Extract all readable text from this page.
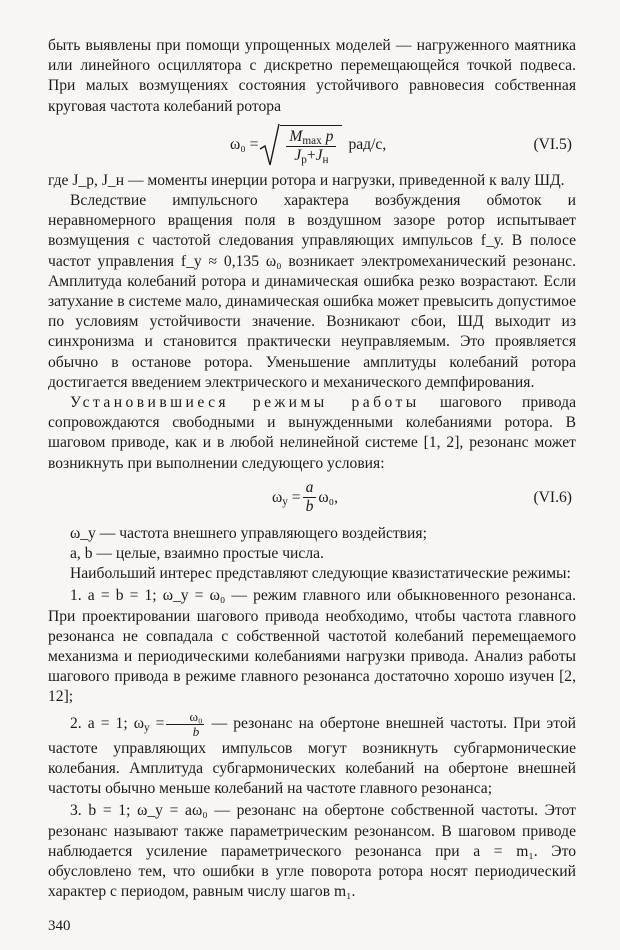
быть выявлены при помощи упрощенных моделей — нагруженного маятника или линейного осциллятора с дискретно перемещающейся точкой подвеса. При малых возмущениях состояния устойчивого равновесия собственная круговая частота колебаний ротора

$\omega_0 = \frac{M_{max} p}{J_р+J_н} рад/с$,	(VI.5)

где J_р, J_н — моменты инерции ротора и нагрузки, приведенной к валу ШД.

Вследствие импульсного характера возбуждения обмоток и неравномерного вращения поля в воздушном зазоре ротор испытывает возмущения с частотой следования управляющих импульсов f_у. В полосе частот управления f_у ≈ 0,135 ω₀ возникает электромеханический резонанс. Амплитуда колебаний ротора и динамическая ошибка резко возрастают. Если затухание в системе мало, динамическая ошибка может превысить допустимое по условиям устойчивости значение. Возникают сбои, ШД выходит из синхронизма и становится практически неуправляемым. Это проявляется обычно в останове ротора. Уменьшение амплитуды колебаний ротора достигается введением электрического и механического демпфирования.

Установившиеся режимы работы шагового привода сопровождаются свободными и вынужденными колебаниями ротора. В шаговом приводе, как и в любой нелинейной системе [1, 2], резонанс может возникнуть при выполнении следующего условия:

$\omega_у = \frac{a}{b} \omega_0$,	(VI.6)

ω_у — частота внешнего управляющего воздействия;

a, b — целые, взаимно простые числа.

Наибольший интерес представляют следующие квазистатические режимы:

1. a = b = 1; ω_у = ω₀ — режим главного или обыкновенного резонанса. При проектировании шагового привода необходимо, чтобы частота главного резонанса не совпадала с собственной частотой колебаний перемещаемого механизма и периодическими колебаниями нагрузки привода. Анализ работы шагового привода в режиме главного резонанса достаточно хорошо изучен [2, 12];

2. a = 1; $\omega_у = \frac{\text{ω₀}}{b}$ — резонанс на обертоне внешней частоты. При этой частоте управляющих импульсов могут возникнуть субгармонические колебания. Амплитуда субгармонических колебаний на обертоне внешней частоты обычно меньше колебаний на частоте главного резонанса;

3. b = 1; ω_у = aω₀ — резонанс на обертоне собственной частоты. Этот резонанс называют также параметрическим резонансом. В шаговом приводе наблюдается усиление параметрического резонанса при a = m₁. Это обусловлено тем, что ошибки в угле поворота ротора носят периодический характер с периодом, равным числу шагов m₁.

340
